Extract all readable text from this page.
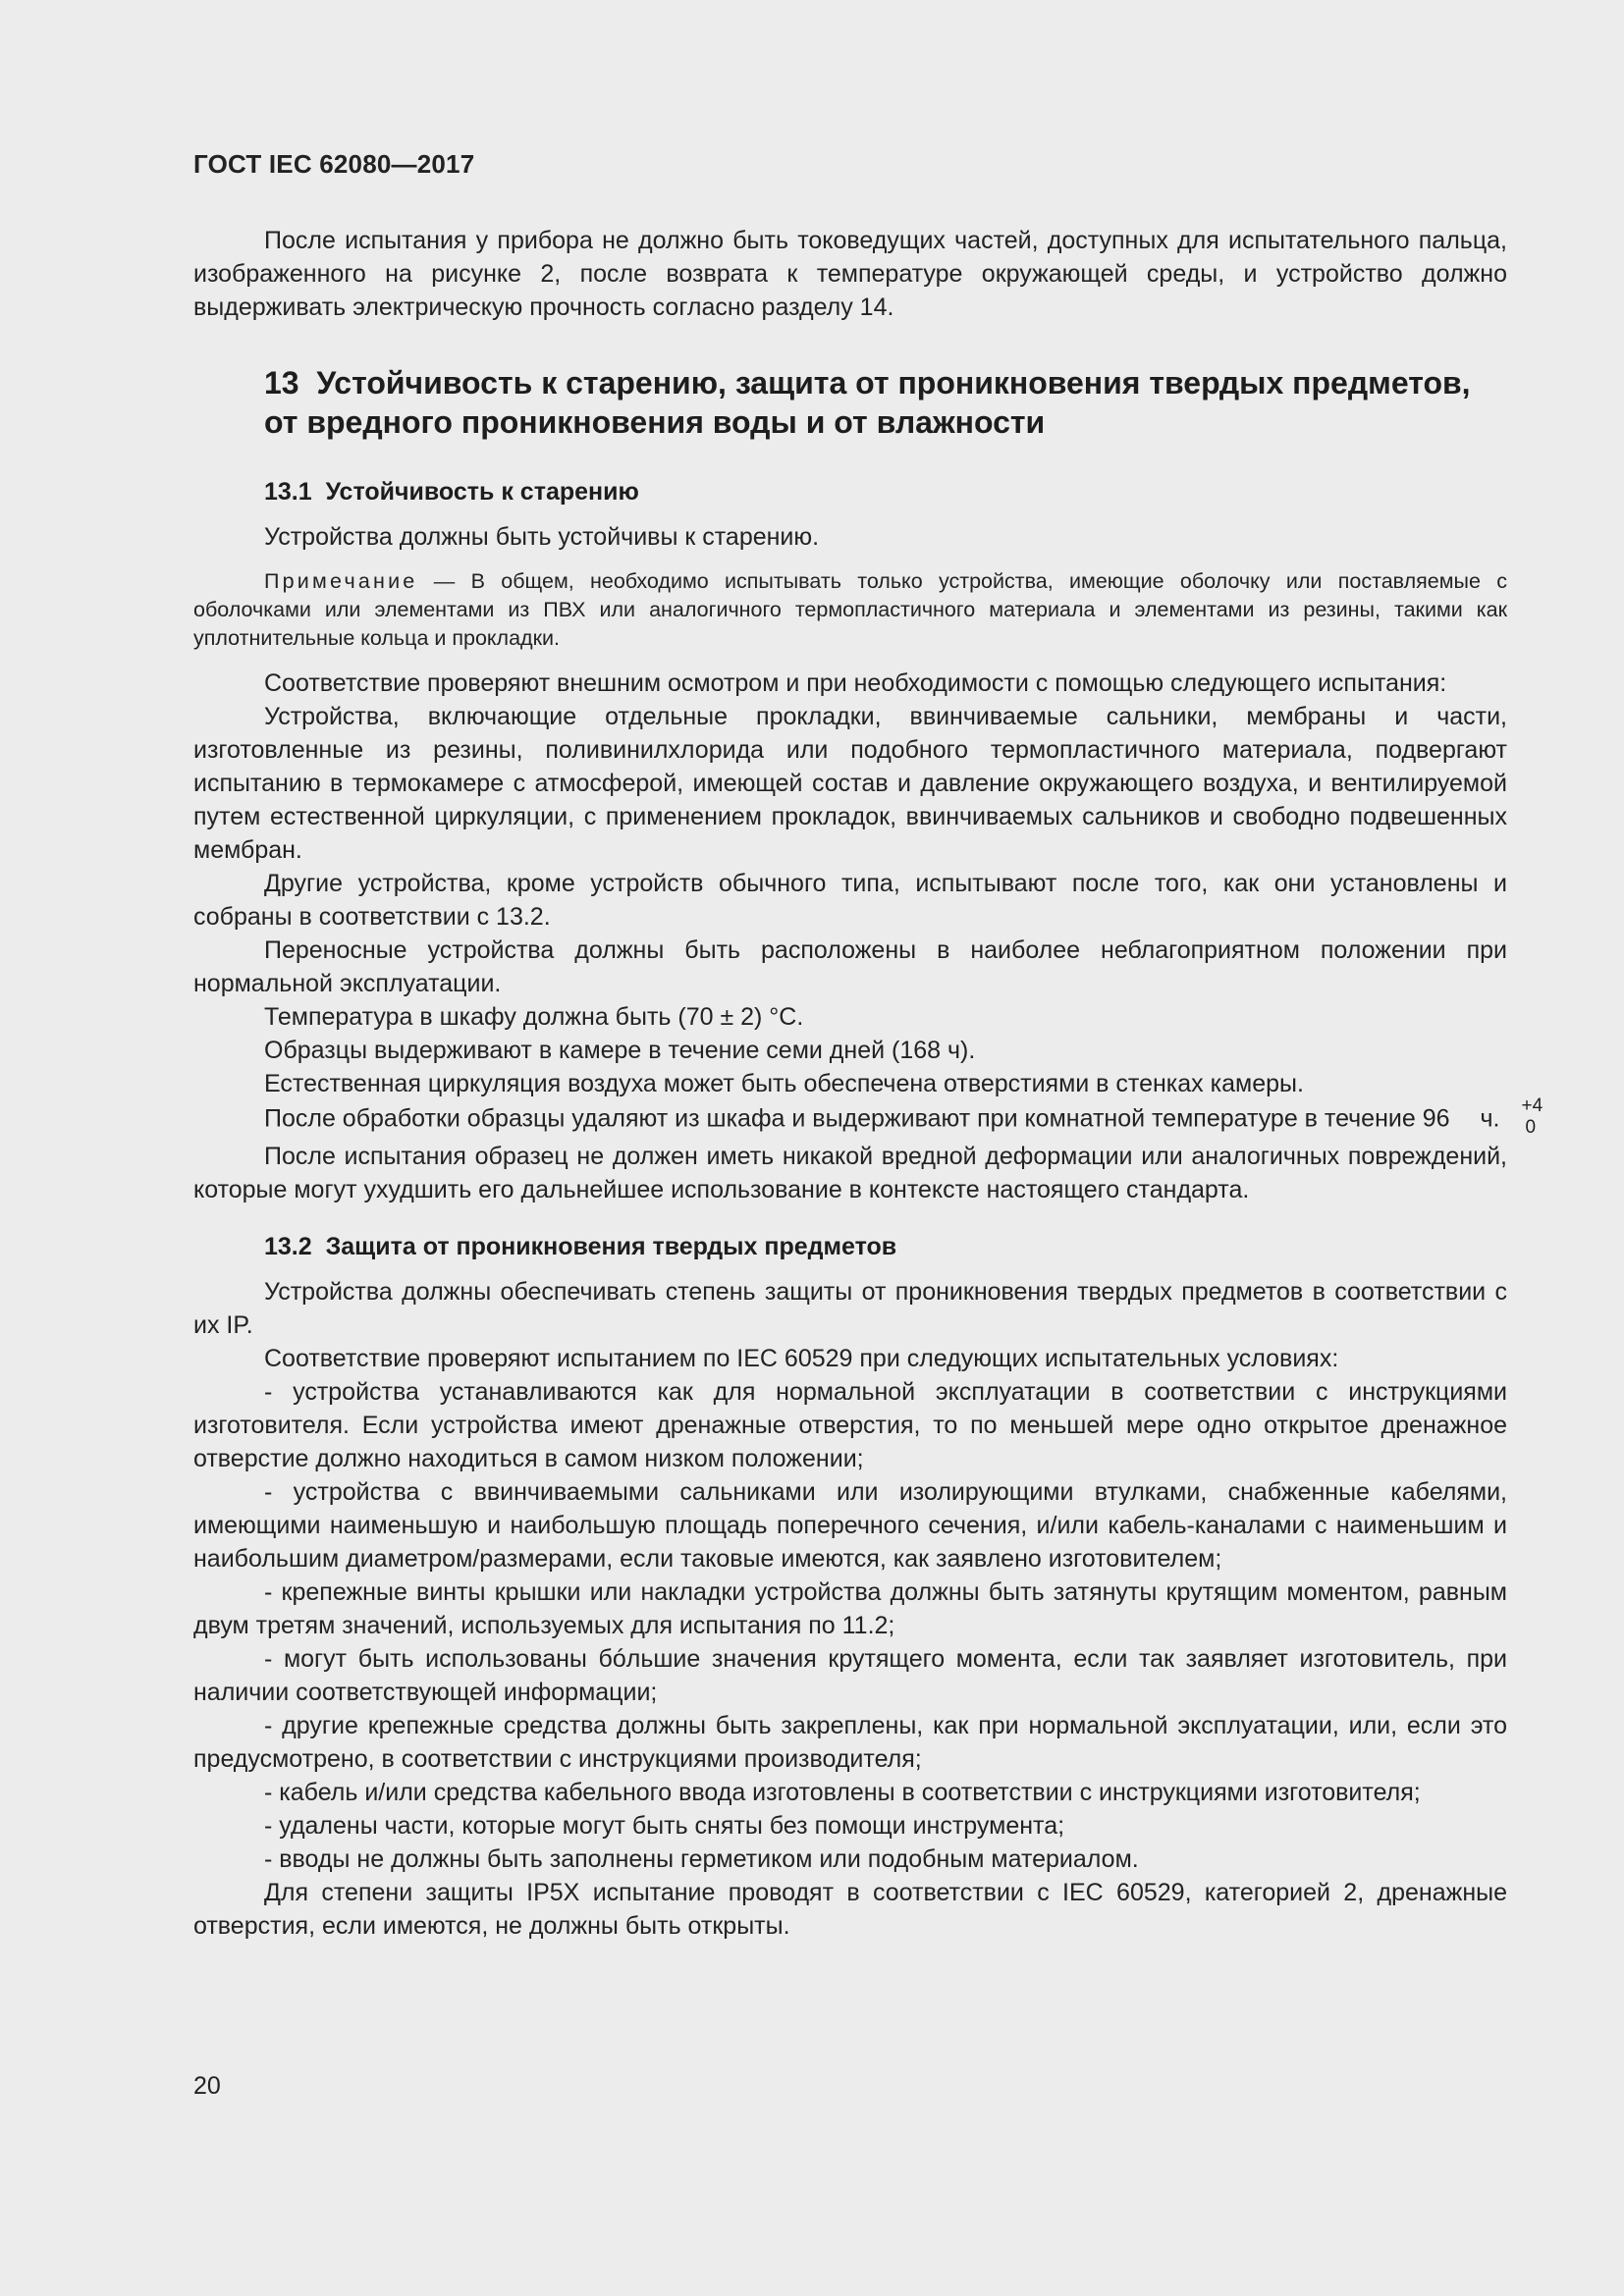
ГОСТ IEC 62080—2017

После испытания у прибора не должно быть токоведущих частей, доступных для испытательного пальца, изображенного на рисунке 2, после возврата к температуре окружающей среды, и устройство должно выдерживать электрическую прочность согласно разделу 14.

13 Устойчивость к старению, защита от проникновения твердых предметов, от вредного проникновения воды и от влажности
13.1 Устойчивость к старению

Устройства должны быть устойчивы к старению.

Примечание — В общем, необходимо испытывать только устройства, имеющие оболочку или поставляемые с оболочками или элементами из ПВХ или аналогичного термопластичного материала и элементами из резины, такими как уплотнительные кольца и прокладки.

Соответствие проверяют внешним осмотром и при необходимости с помощью следующего испытания:

Устройства, включающие отдельные прокладки, ввинчиваемые сальники, мембраны и части, изготовленные из резины, поливинилхлорида или подобного термопластичного материала, подвергают испытанию в термокамере с атмосферой, имеющей состав и давление окружающего воздуха, и вентилируемой путем естественной циркуляции, с применением прокладок, ввинчиваемых сальников и свободно подвешенных мембран.

Другие устройства, кроме устройств обычного типа, испытывают после того, как они установлены и собраны в соответствии с 13.2.

Переносные устройства должны быть расположены в наиболее неблагоприятном положении при нормальной эксплуатации.

Температура в шкафу должна быть (70 ± 2) °С.

Образцы выдерживают в камере в течение семи дней (168 ч).

Естественная циркуляция воздуха может быть обеспечена отверстиями в стенках камеры.

После обработки образцы удаляют из шкафа и выдерживают при комнатной температуре в течение 96	+4
0
ч.

После испытания образец не должен иметь никакой вредной деформации или аналогичных повреждений, которые могут ухудшить его дальнейшее использование в контексте настоящего стандарта.

13.2 Защита от проникновения твердых предметов

Устройства должны обеспечивать степень защиты от проникновения твердых предметов в соответствии с их IP.

Соответствие проверяют испытанием по IEC 60529 при следующих испытательных условиях:

- устройства устанавливаются как для нормальной эксплуатации в соответствии с инструкциями изготовителя. Если устройства имеют дренажные отверстия, то по меньшей мере одно открытое дренажное отверстие должно находиться в самом низком положении;

- устройства с ввинчиваемыми сальниками или изолирующими втулками, снабженные кабелями, имеющими наименьшую и наибольшую площадь поперечного сечения, и/или кабель-каналами с наименьшим и наибольшим диаметром/размерами, если таковые имеются, как заявлено изготовителем;

- крепежные винты крышки или накладки устройства должны быть затянуты крутящим моментом, равным двум третям значений, используемых для испытания по 11.2;

- могут быть использованы бóльшие значения крутящего момента, если так заявляет изготовитель, при наличии соответствующей информации;

- другие крепежные средства должны быть закреплены, как при нормальной эксплуатации, или, если это предусмотрено, в соответствии с инструкциями производителя;

- кабель и/или средства кабельного ввода изготовлены в соответствии с инструкциями изготовителя;

- удалены части, которые могут быть сняты без помощи инструмента;

- вводы не должны быть заполнены герметиком или подобным материалом.

Для степени защиты IP5X испытание проводят в соответствии с IEC 60529, категорией 2, дренажные отверстия, если имеются, не должны быть открыты.

20
